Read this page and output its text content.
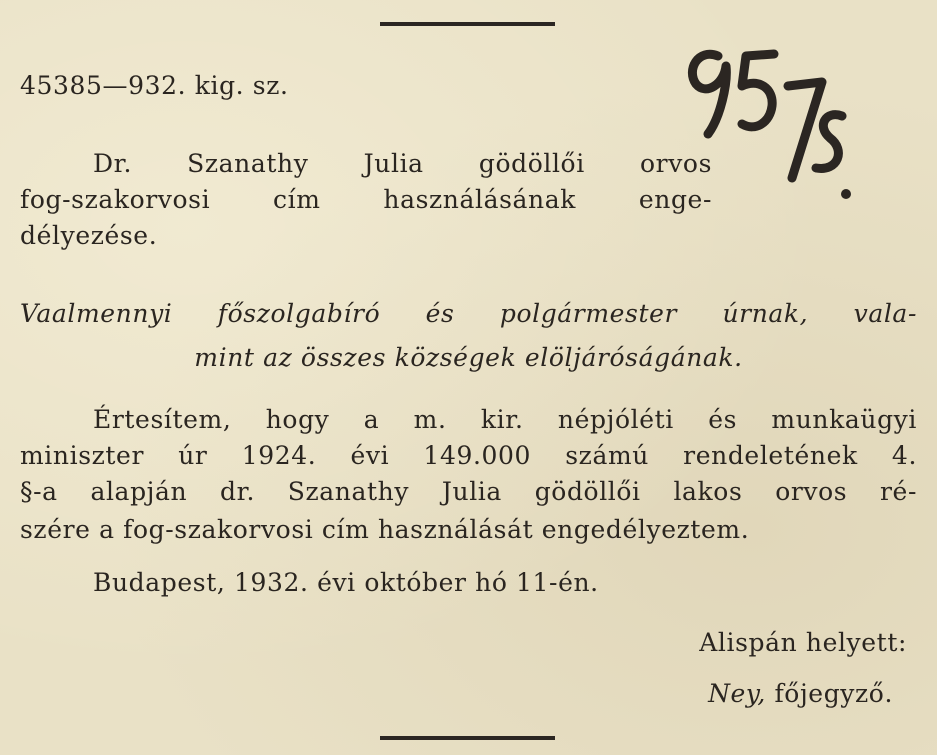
45385—932. kig. sz.
Dr. Szanathy Julia gödöllői orvos
fog-szakorvosi cím használásának enge-
délyezése.
Vaalmennyi főszolgabíró és polgármester úrnak, vala-
mint az összes községek elöljáróságának.
Értesítem, hogy a m. kir. népjóléti és munkaügyi
miniszter úr 1924. évi 149.000 számú rendeletének 4.
§-a alapján dr. Szanathy Julia gödöllői lakos orvos ré-
szére a fog-szakorvosi cím használását engedélyeztem.
Budapest, 1932. évi október hó 11-én.
Alispán helyett:
Ney, főjegyző.
